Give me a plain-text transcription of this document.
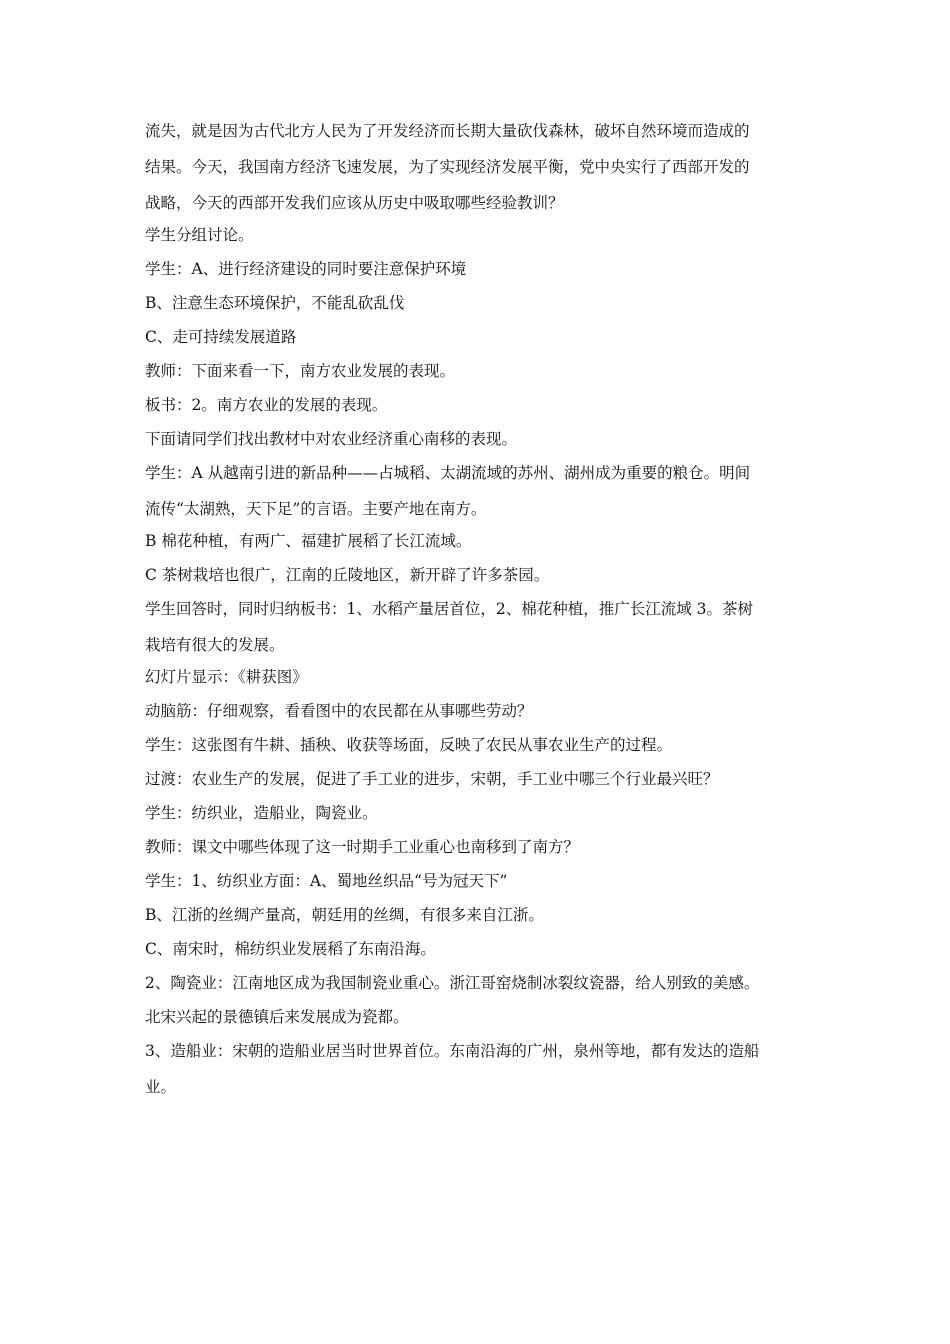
流失，就是因为古代北方人民为了开发经济而长期大量砍伐森林，破坏自然环境而造成的
结果。今天，我国南方经济飞速发展，为了实现经济发展平衡，党中央实行了西部开发的
战略，今天的西部开发我们应该从历史中吸取哪些经验教训？
学生分组讨论。
学生：A、进行经济建设的同时要注意保护环境
B、注意生态环境保护，不能乱砍乱伐
C、走可持续发展道路
教师：下面来看一下，南方农业发展的表现。
板书：2。南方农业的发展的表现。
下面请同学们找出教材中对农业经济重心南移的表现。
学生：A 从越南引进的新品种——占城稻、太湖流域的苏州、湖州成为重要的粮仓。明间
流传“太湖熟，天下足”的言语。主要产地在南方。
B 棉花种植，有两广、福建扩展稻了长江流域。
C 茶树栽培也很广，江南的丘陵地区，新开辟了许多茶园。
学生回答时，同时归纳板书：1、水稻产量居首位，2、棉花种植，推广长江流域 3。茶树
栽培有很大的发展。
幻灯片显示：《耕获图》
动脑筋：仔细观察，看看图中的农民都在从事哪些劳动？
学生：这张图有牛耕、插秧、收获等场面，反映了农民从事农业生产的过程。
过渡：农业生产的发展，促进了手工业的进步，宋朝，手工业中哪三个行业最兴旺？
学生：纺织业，造船业，陶瓷业。
教师：课文中哪些体现了这一时期手工业重心也南移到了南方？
学生：1、纺织业方面：A、蜀地丝织品“号为冠天下”
B、江浙的丝绸产量高，朝廷用的丝绸，有很多来自江浙。
C、南宋时，棉纺织业发展稻了东南沿海。
2、陶瓷业：江南地区成为我国制瓷业重心。浙江哥窑烧制冰裂纹瓷器，给人别致的美感。
北宋兴起的景德镇后来发展成为瓷都。
3、造船业：宋朝的造船业居当时世界首位。东南沿海的广州，泉州等地，都有发达的造船
业。
